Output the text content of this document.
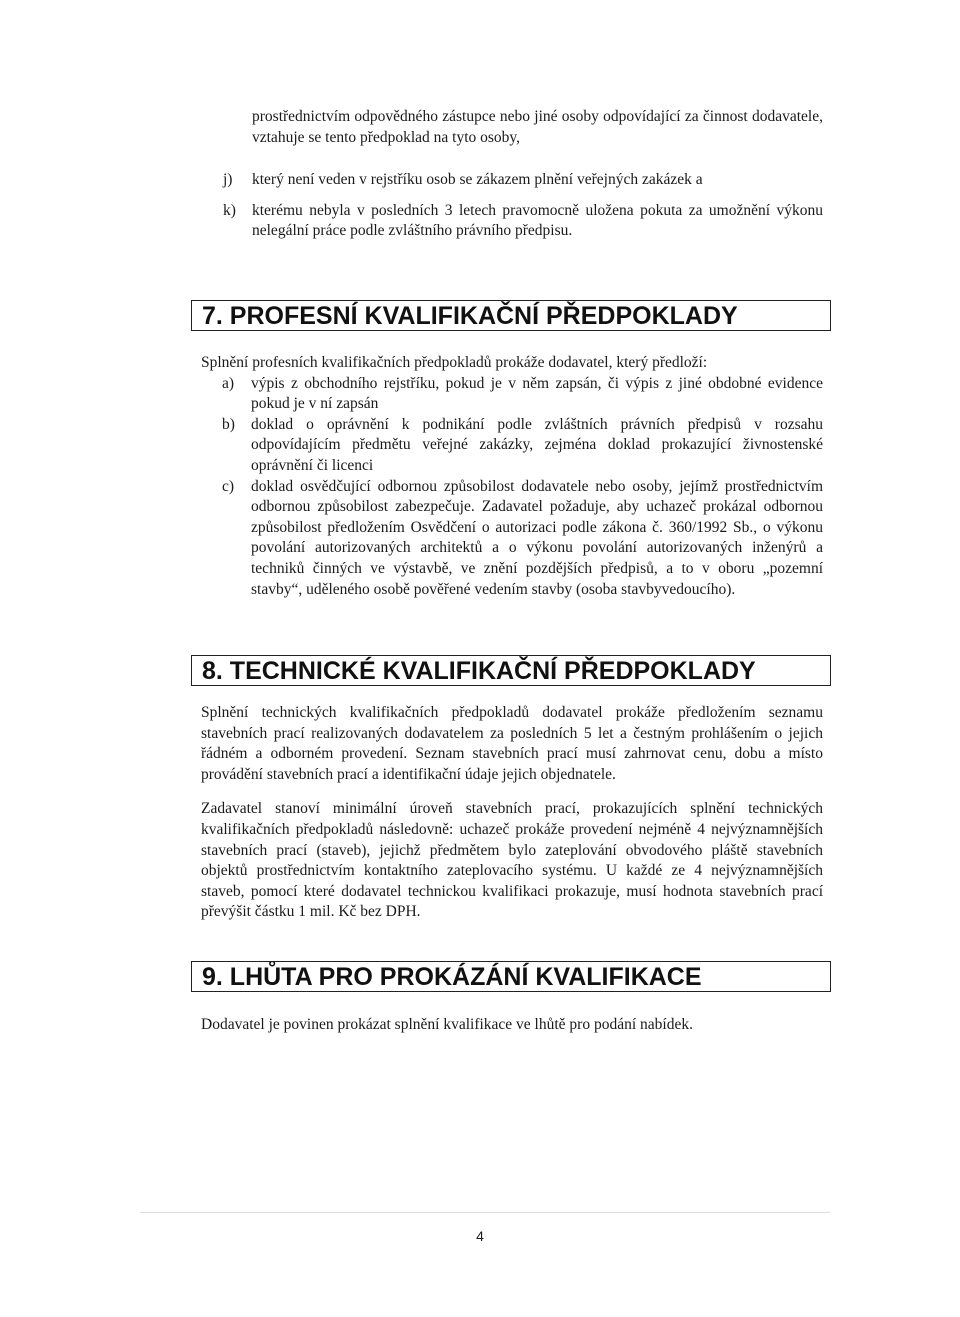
prostřednictvím odpovědného zástupce nebo jiné osoby odpovídající za činnost dodavatele, vztahuje se tento předpoklad na tyto osoby,

j) který není veden v rejstříku osob se zákazem plnění veřejných zakázek a
k) kterému nebyla v posledních 3 letech pravomocně uložena pokuta za umožnění výkonu nelegální práce podle zvláštního právního předpisu.
7. PROFESNÍ KVALIFIKAČNÍ PŘEDPOKLADY

Splnění profesních kvalifikačních předpokladů prokáže dodavatel, který předloží:

a) výpis z obchodního rejstříku, pokud je v něm zapsán, či výpis z jiné obdobné evidence pokud je v ní zapsán
b) doklad o oprávnění k podnikání podle zvláštních právních předpisů v rozsahu odpovídajícím předmětu veřejné zakázky, zejména doklad prokazující živnostenské oprávnění či licenci
c) doklad osvědčující odbornou způsobilost dodavatele nebo osoby, jejímž prostřednictvím odbornou způsobilost zabezpečuje. Zadavatel požaduje, aby uchazeč prokázal odbornou způsobilost předložením Osvědčení o autorizaci podle zákona č. 360/1992 Sb., o výkonu povolání autorizovaných architektů a o výkonu povolání autorizovaných inženýrů a techniků činných ve výstavbě, ve znění pozdějších předpisů, a to v oboru „pozemní stavby“, uděleného osobě pověřené vedením stavby (osoba stavbyvedoucího).
8. TECHNICKÉ KVALIFIKAČNÍ PŘEDPOKLADY

Splnění technických kvalifikačních předpokladů dodavatel prokáže předložením seznamu stavebních prací realizovaných dodavatelem za posledních 5 let a čestným prohlášením o jejich řádném a odborném provedení. Seznam stavebních prací musí zahrnovat cenu, dobu a místo provádění stavebních prací a identifikační údaje jejich objednatele.

Zadavatel stanoví minimální úroveň stavebních prací, prokazujících splnění technických kvalifikačních předpokladů následovně: uchazeč prokáže provedení nejméně 4 nejvýznamnějších stavebních prací (staveb), jejichž předmětem bylo zateplování obvodového pláště stavebních objektů prostřednictvím kontaktního zateplovacího systému. U každé ze 4 nejvýznamnějších staveb, pomocí které dodavatel technickou kvalifikaci prokazuje, musí hodnota stavebních prací převýšit částku 1 mil. Kč bez DPH.

9. LHŮTA PRO PROKÁZÁNÍ KVALIFIKACE

Dodavatel je povinen prokázat splnění kvalifikace ve lhůtě pro podání nabídek.

4
